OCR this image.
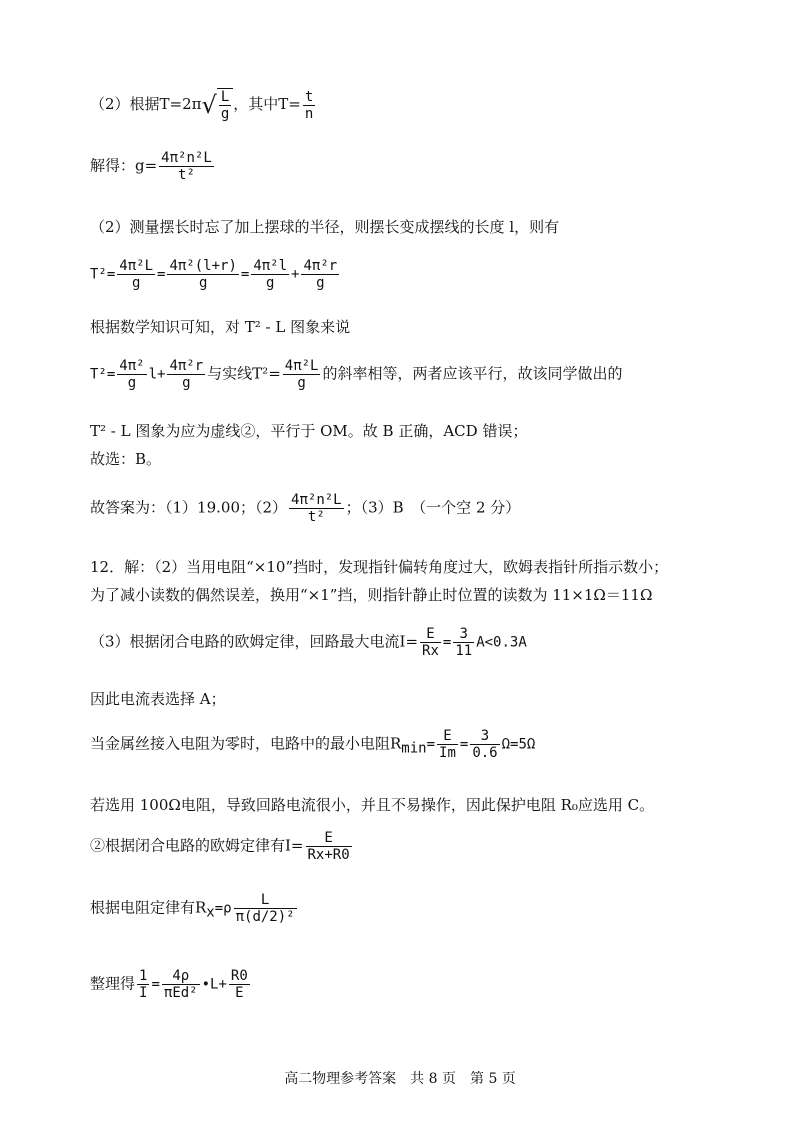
（2）根据$T=2\pi√ \frac{L}{g}$ ，其中$T= \frac{t}{n}$
解得：$g= \frac{\text{4π²n²L}}{\text{t²}}$
（2）测量摆长时忘了加上摆球的半径，则摆长变成摆线的长度 l，则有
$T^2= \frac{\text{4π²L}}{g} = \frac{\text{4π²(l+r)}}{g} = \frac{\text{4π²l}}{g} + \frac{\text{4π²r}}{g}$
根据数学知识可知，对 T² - L 图象来说
$T^2= \frac{\text{4π²}}{g} l+ \frac{\text{4π²r}}{g}$ 与实线$T^2= \frac{\text{4π²L}}{g}$ 的斜率相等，两者应该平行，故该同学做出的
T² - L 图象为应为虚线②，平行于 OM。故 B 正确，ACD 错误；
故选：B。
故答案为：（1）19.00；$(2) \frac{\text{4π²n²L}}{\text{t²}}$ ；（3）B　（一个空 2 分）
12．解：（2）当用电阻“×10”挡时，发现指针偏转角度过大，欧姆表指针所指示数小；
为了减小读数的偶然误差，换用“×1”挡，则指针静止时位置的读数为 11×1Ω＝11Ω
（3）根据闭合电路的欧姆定律，回路最大电流$I= \frac{E}{Rx} = \frac{3}{11} A<0.3A$
因此电流表选择 A；
当金属丝接入电阻为零时，电路中的最小电阻$R_{min}= \frac{E}{Im} = \frac{3}{0.6} \Omega=5\Omega$
若选用 100Ω电阻，导致回路电流很小，并且不易操作，因此保护电阻 R₀应选用 C。
②根据闭合电路的欧姆定律有$I= \frac{E}{Rx+R0}$
根据电阻定律有$R_x=\rho \frac{L}{\text{π(d/2)²}}$
整理得 $\frac{1}{I} = \frac{4\rho}{\text{πEd²}}$ •L+ $\frac{R0}{E}$
高二物理参考答案　共 8 页　第 5 页
